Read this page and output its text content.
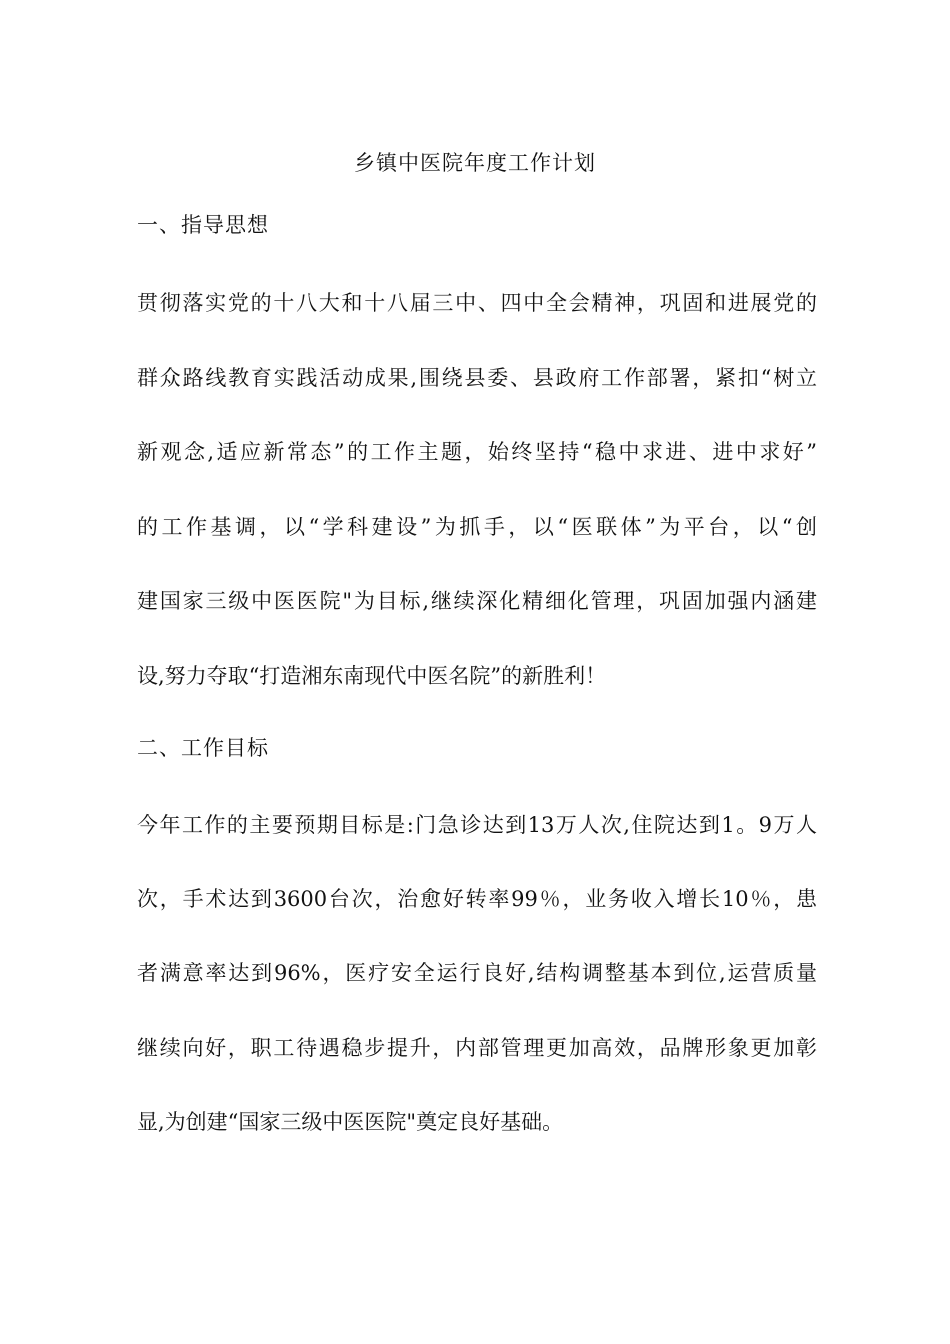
乡镇中医院年度工作计划
一、指导思想
贯彻落实党的十八大和十八届三中、四中全会精神，巩固和进展党的
群众路线教育实践活动成果,围绕县委、县政府工作部署，紧扣“树立
新观念,适应新常态”的工作主题，始终坚持“稳中求进、进中求好”
的工作基调，以“学科建设”为抓手，以“医联体”为平台，以“创
建国家三级中医医院"为目标,继续深化精细化管理，巩固加强内涵建
设,努力夺取“打造湘东南现代中医名院”的新胜利！
二、工作目标
今年工作的主要预期目标是:门急诊达到13万人次,住院达到1。9万人
次，手术达到3600台次，治愈好转率99％，业务收入增长10％，患
者满意率达到96%，医疗安全运行良好,结构调整基本到位,运营质量
继续向好，职工待遇稳步提升，内部管理更加高效，品牌形象更加彰
显,为创建“国家三级中医医院"奠定良好基础。
